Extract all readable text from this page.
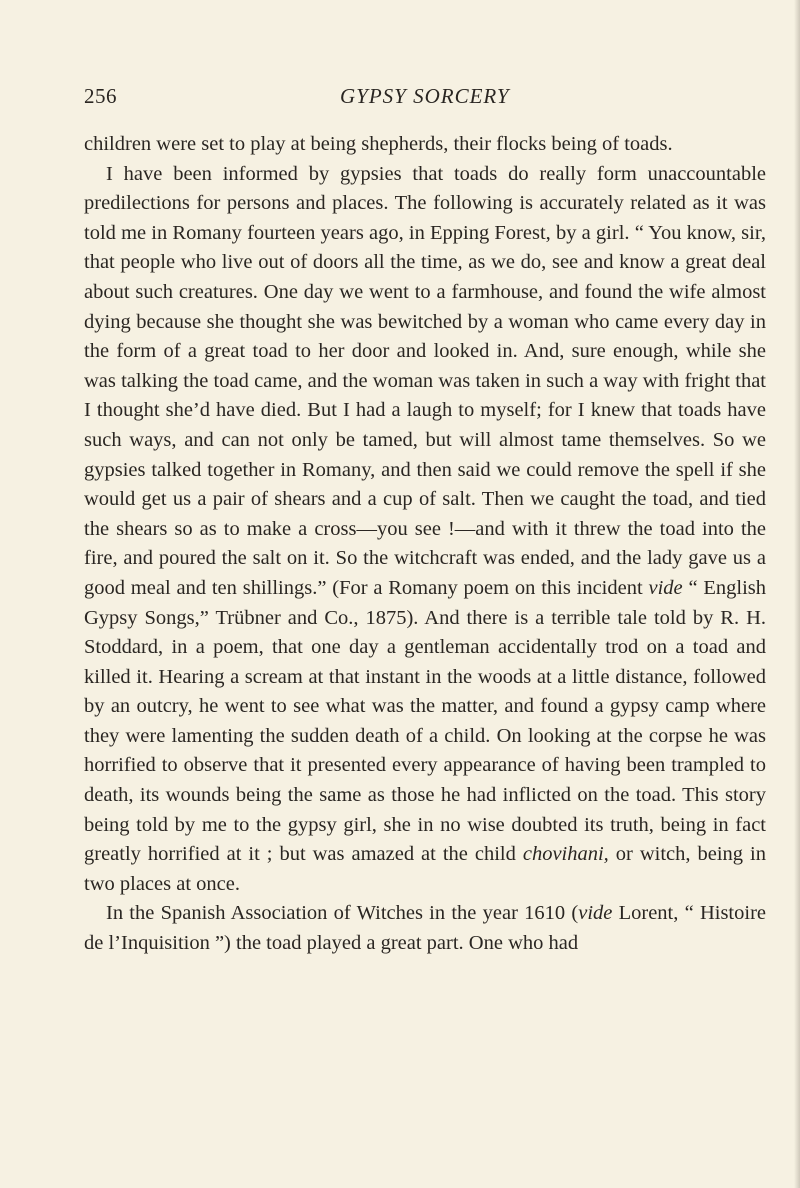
256	GYPSY SORCERY

children were set to play at being shepherds, their flocks being of toads.

I have been informed by gypsies that toads do really form unaccountable predilections for persons and places. The following is accurately related as it was told me in Romany fourteen years ago, in Epping Forest, by a girl. “ You know, sir, that people who live out of doors all the time, as we do, see and know a great deal about such creatures. One day we went to a farmhouse, and found the wife almost dying because she thought she was bewitched by a woman who came every day in the form of a great toad to her door and looked in. And, sure enough, while she was talking the toad came, and the woman was taken in such a way with fright that I thought she’d have died. But I had a laugh to myself; for I knew that toads have such ways, and can not only be tamed, but will almost tame themselves. So we gypsies talked together in Romany, and then said we could remove the spell if she would get us a pair of shears and a cup of salt. Then we caught the toad, and tied the shears so as to make a cross—you see !—and with it threw the toad into the fire, and poured the salt on it. So the witchcraft was ended, and the lady gave us a good meal and ten shillings.” (For a Romany poem on this incident vide “ English Gypsy Songs,” Trübner and Co., 1875). And there is a terrible tale told by R. H. Stoddard, in a poem, that one day a gentleman accidentally trod on a toad and killed it. Hearing a scream at that instant in the woods at a little distance, followed by an outcry, he went to see what was the matter, and found a gypsy camp where they were lamenting the sudden death of a child. On looking at the corpse he was horrified to observe that it presented every appearance of having been trampled to death, its wounds being the same as those he had inflicted on the toad. This story being told by me to the gypsy girl, she in no wise doubted its truth, being in fact greatly horrified at it ; but was amazed at the child chovihani, or witch, being in two places at once.

In the Spanish Association of Witches in the year 1610 (vide Lorent, “ Histoire de l’Inquisition ”) the toad played a great part. One who had
